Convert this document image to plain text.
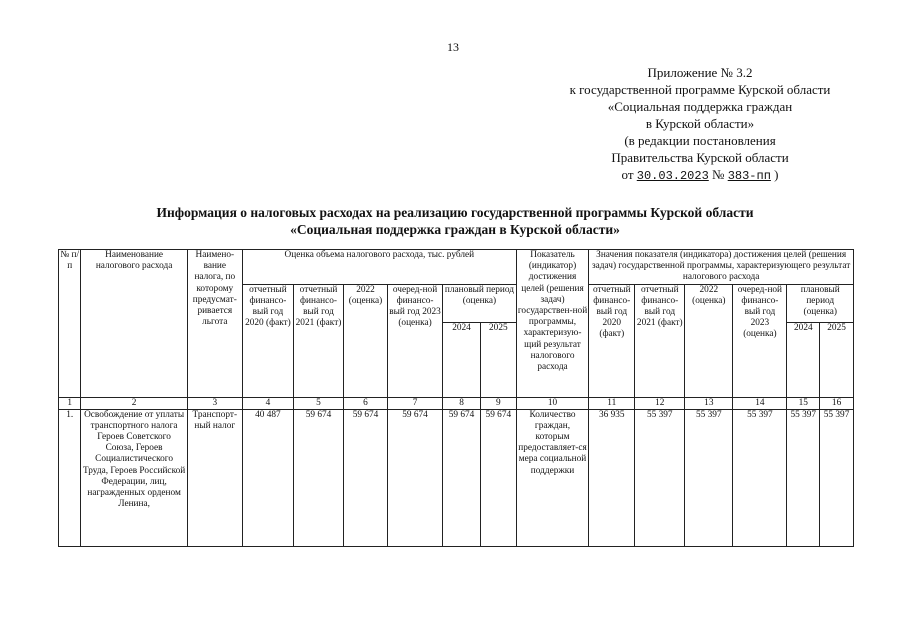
13
Приложение № 3.2
к государственной программе Курской области
«Социальная поддержка граждан
в Курской области»
(в редакции постановления
Правительства Курской области
от 30.03.2023 № 383-пп )
Информация о налоговых расходах на реализацию государственной программы Курской области
«Социальная поддержка граждан в Курской области»
№ п/п	Наименование налогового расхода	Наимено-вание налога, по которому предусмат-ривается льгота	Оценка объема налогового расхода, тыс. рублей						Показатель (индикатор) достижения целей (решения задач) государствен-ной программы, характеризую-щий результат налогового расхода	Значения показателя (индикатора) достижения целей (решения задач) государственной программы, характеризующего результат налогового расхода					
			отчетный финансо-вый год 2020 (факт)	отчетный финансо-вый год 2021 (факт)	2022 (оценка)	очеред-ной финансо-вый год 2023 (оценка)	плановый период (оценка)			отчетный финансо-вый год 2020 (факт)	отчетный финансо-вый год 2021 (факт)	2022 (оценка)	очеред-ной финансо-вый год 2023 (оценка)	плановый период (оценка)	
							2024	2025						2024	2025
1	2	3	4	5	6	7	8	9	10	11	12	13	14	15	16
1.	Освобождение от уплаты транспортного налога Героев Советского Союза, Героев Социалистического Труда, Героев Российской Федерации, лиц, награжденных орденом Ленина,	Транспорт-ный налог	40 487	59 674	59 674	59 674	59 674	59 674	Количество граждан, которым предоставляет-ся мера социальной поддержки	36 935	55 397	55 397	55 397	55 397	55 397
